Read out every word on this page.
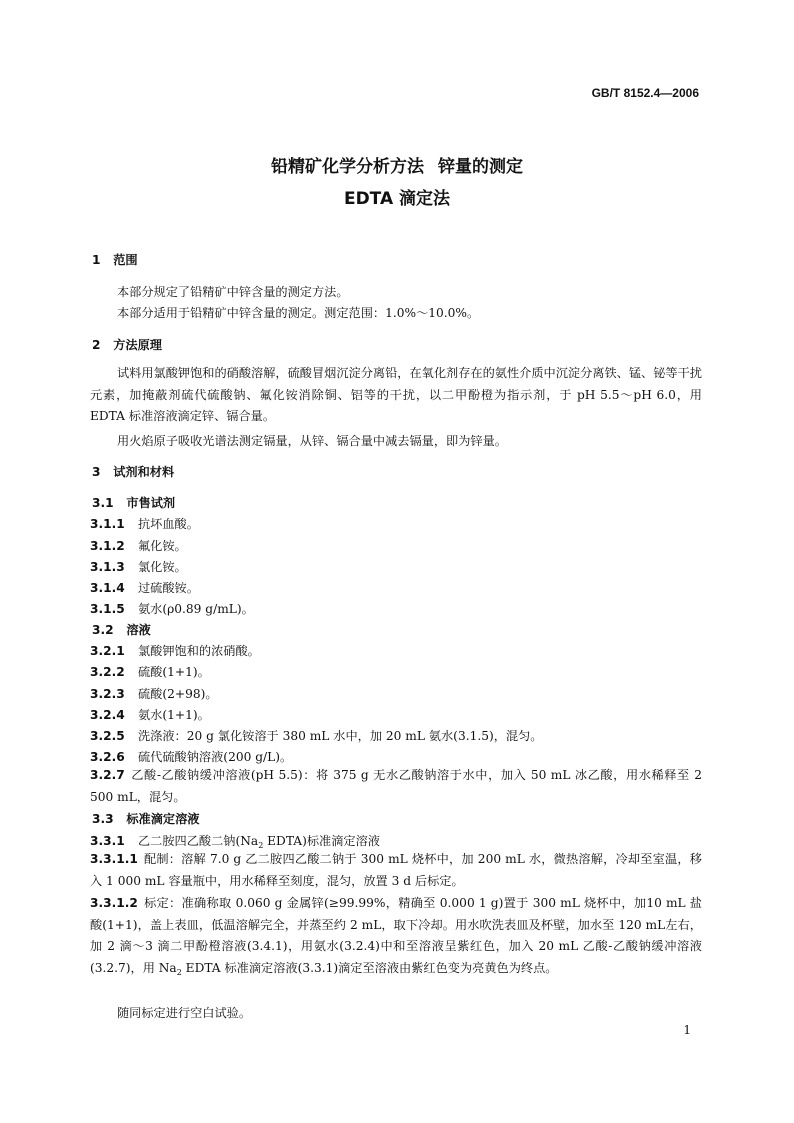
GB/T 8152.4—2006
铅精矿化学分析方法 锌量的测定
EDTA 滴定法
1   范围
本部分规定了铅精矿中锌含量的测定方法。
本部分适用于铅精矿中锌含量的测定。测定范围：1.0%～10.0%。
2   方法原理
试料用氯酸钾饱和的硝酸溶解，硫酸冒烟沉淀分离铅，在氧化剂存在的氨性介质中沉淀分离铁、锰、铋等干扰元素，加掩蔽剂硫代硫酸钠、氟化铵消除铜、铝等的干扰，以二甲酚橙为指示剂，于 pH 5.5～pH 6.0，用 EDTA 标准溶液滴定锌、镉合量。
用火焰原子吸收光谱法测定镉量，从锌、镉合量中减去镉量，即为锌量。
3   试剂和材料
3.1   市售试剂
3.1.1 抗坏血酸。
3.1.2 氟化铵。
3.1.3 氯化铵。
3.1.4 过硫酸铵。
3.1.5 氨水(ρ0.89 g/mL)。
3.2   溶液
3.2.1 氯酸钾饱和的浓硝酸。
3.2.2 硫酸(1+1)。
3.2.3 硫酸(2+98)。
3.2.4 氨水(1+1)。
3.2.5 洗涤液：20 g 氯化铵溶于 380 mL 水中，加 20 mL 氨水(3.1.5)，混匀。
3.2.6 硫代硫酸钠溶液(200 g/L)。
3.2.7 乙酸-乙酸钠缓冲溶液(pH 5.5)：将 375 g 无水乙酸钠溶于水中，加入 50 mL 冰乙酸，用水稀释至 2 500 mL，混匀。
3.3   标准滴定溶液
3.3.1 乙二胺四乙酸二钠($Na_2$ EDTA)标准滴定溶液
3.3.1.1 配制：溶解 7.0 g 乙二胺四乙酸二钠于 300 mL 烧杯中，加 200 mL 水，微热溶解，冷却至室温，移入 1 000 mL 容量瓶中，用水稀释至刻度，混匀，放置 3 d 后标定。
3.3.1.2 标定：准确称取 0.060 g 金属锌(≥99.99%，精确至 0.000 1 g)置于 300 mL 烧杯中，加10 mL 盐酸(1+1)，盖上表皿，低温溶解完全，并蒸至约 2 mL，取下冷却。用水吹洗表皿及杯壁，加水至 120 mL左右，加 2 滴～3 滴二甲酚橙溶液(3.4.1)，用氨水(3.2.4)中和至溶液呈紫红色，加入 20 mL 乙酸-乙酸钠缓冲溶液(3.2.7)，用 $Na_2$ EDTA 标准滴定溶液(3.3.1)滴定至溶液由紫红色变为亮黄色为终点。
随同标定进行空白试验。
1
